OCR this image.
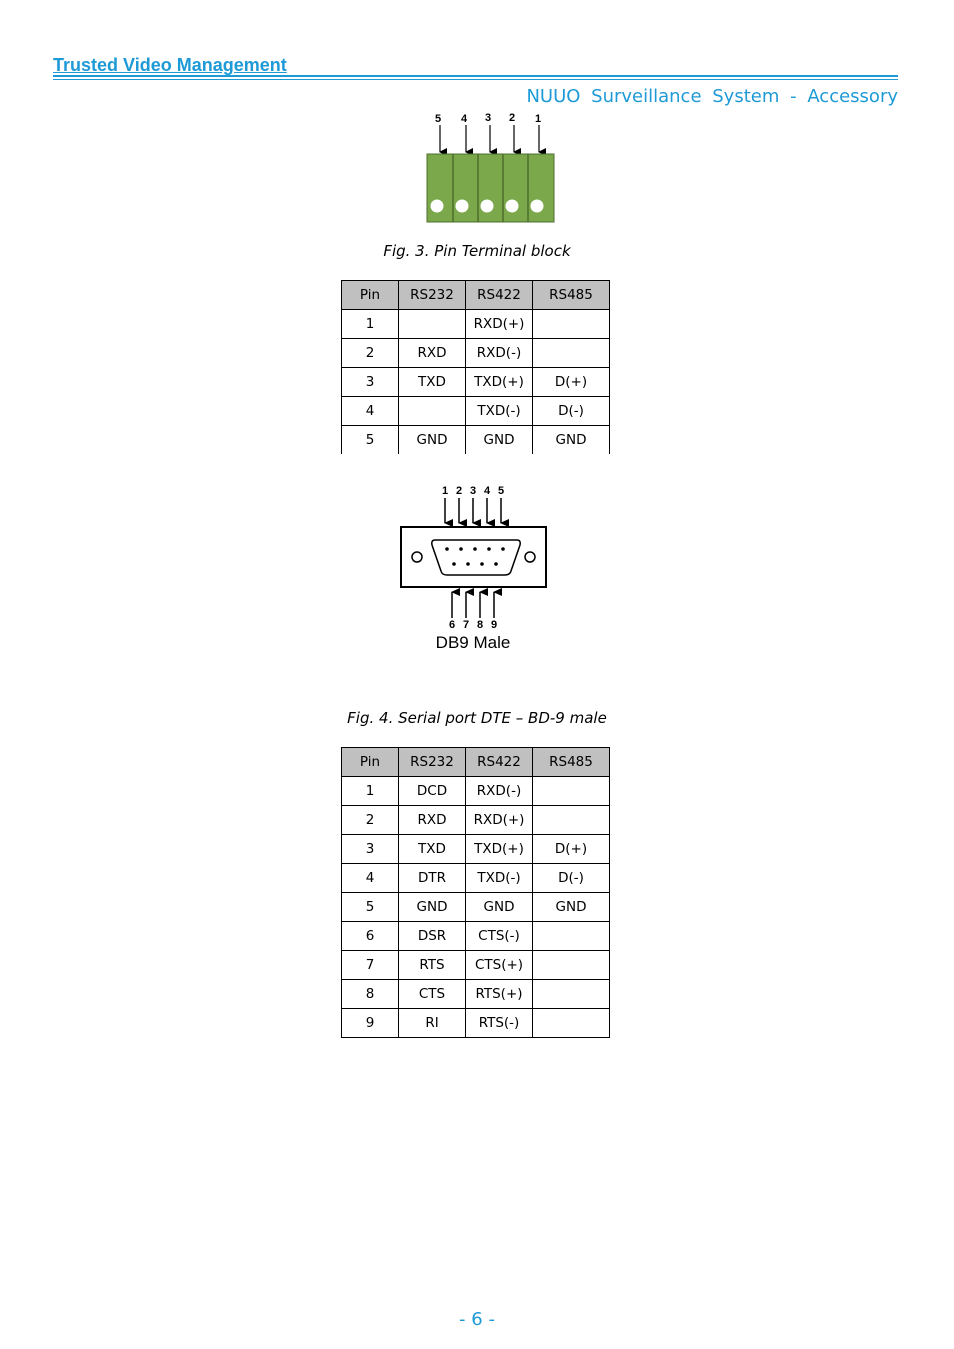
Trusted Video Management
NUUO Surveillance System - Accessory
5 4 3 2 1
Fig. 3. Pin Terminal block
Pin	RS232	RS422	RS485
1		RXD(+)	
2	RXD	RXD(-)	
3	TXD	TXD(+)	D(+)
4		TXD(-)	D(-)
5	GND	GND	GND
1 2 3 4 5
6 7 8 9
DB9 Male
Fig. 4. Serial port DTE – BD-9 male
Pin	RS232	RS422	RS485
1	DCD	RXD(-)	
2	RXD	RXD(+)	
3	TXD	TXD(+)	D(+)
4	DTR	TXD(-)	D(-)
5	GND	GND	GND
6	DSR	CTS(-)	
7	RTS	CTS(+)	
8	CTS	RTS(+)	
9	RI	RTS(-)	
- 6 -
